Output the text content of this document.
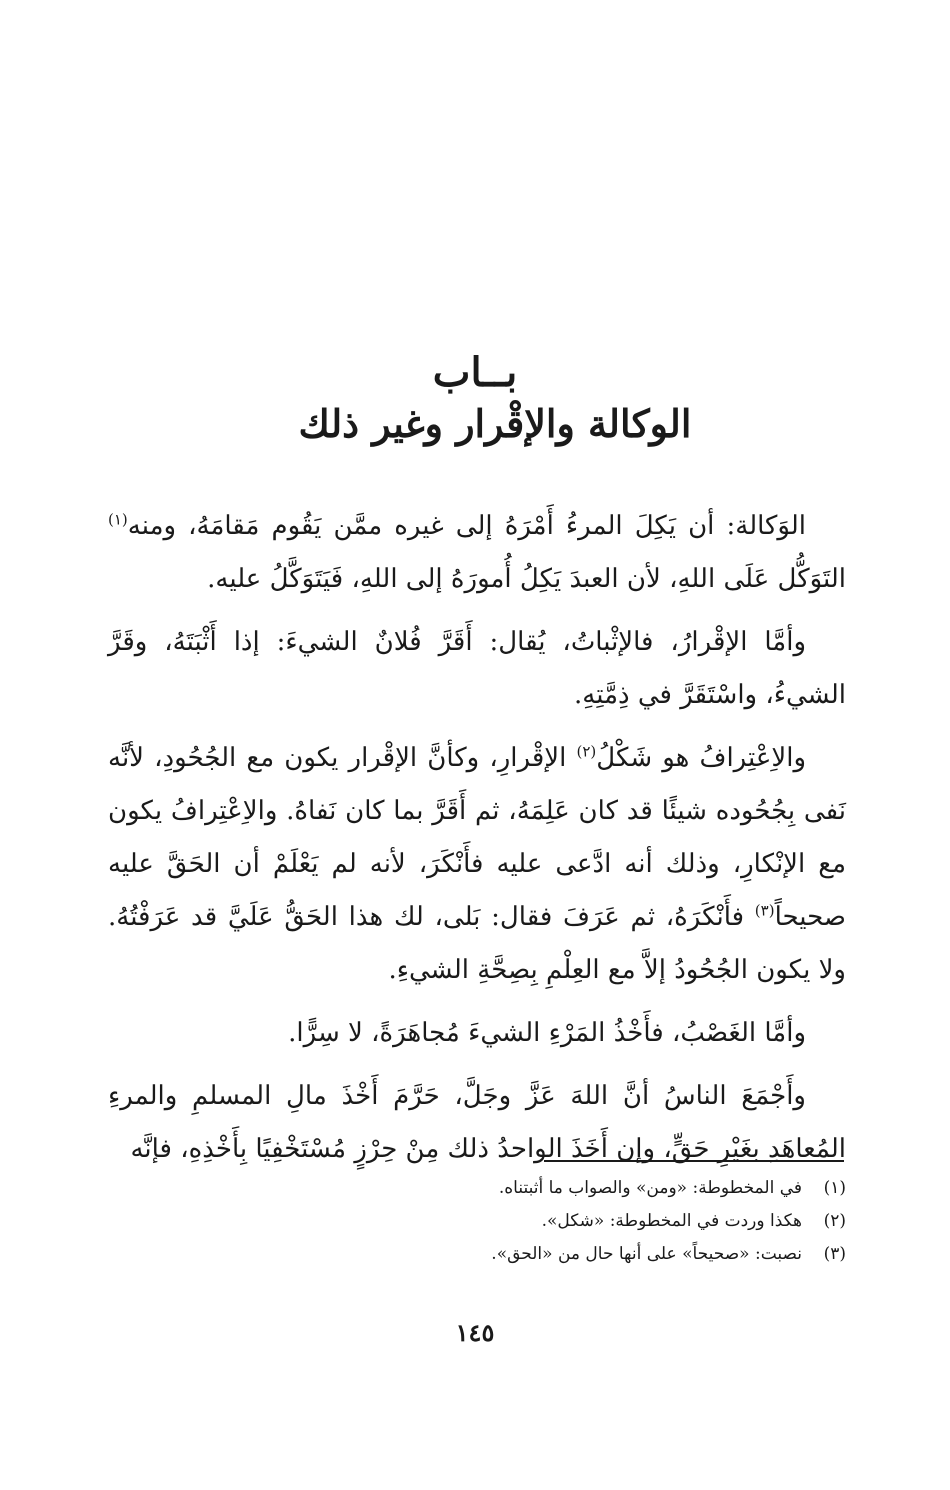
بــاب
الوكالة والإقْرار وغير ذلك

الوَكالة: أن يَكِلَ المرءُ أَمْرَهُ إلى غيره ممَّن يَقُوم مَقامَهُ، ومنه$^{(١)}$ التَوَكُّل عَلَى اللهِ، لأن العبدَ يَكِلُ أُمورَهُ إلى اللهِ، فَيَتَوَكَّلُ عليه.

وأمَّا الإقْرارُ، فالإثْباتُ، يُقال: أَقَرَّ فُلانٌ الشيءَ: إذا أَثْبَتَهُ، وقَرَّ الشيءُ، واسْتَقَرَّ في ذِمَّتِهِ.

والاِعْتِرافُ هو شَكْلُ$^{(٢)}$ الإقْرارِ، وكأنَّ الإقْرار يكون مع الجُحُودِ، لأنَّه نَفى بِجُحُوده شيئًا قد كان عَلِمَهُ، ثم أَقَرَّ بما كان نَفاهُ. والاِعْتِرافُ يكون مع الإنْكارِ، وذلك أنه ادَّعى عليه فأَنْكَرَ، لأنه لم يَعْلَمْ أن الحَقَّ عليه صحيحاً$^{(٣)}$ فأَنْكَرَهُ، ثم عَرَفَ فقال: بَلى، لك هذا الحَقُّ عَلَيَّ قد عَرَفْتُهُ. ولا يكون الجُحُودُ إلاَّ مع العِلْمِ بِصِحَّةِ الشيءِ.

وأمَّا الغَصْبُ، فأَخْذُ المَرْءِ الشيءَ مُجاهَرَةً، لا سِرًّا.

وأَجْمَعَ الناسُ أنَّ اللهَ عَزَّ وجَلَّ، حَرَّمَ أَخْذَ مالِ المسلمِ والمرءِ المُعاهَدِ بغَيْرِ حَقٍّ، وإن أَخَذَ الواحدُ ذلك مِنْ حِرْزٍ مُسْتَخْفِيًا بِأَخْذِهِ، فإنَّه

(١)
في المخطوطة: «ومن» والصواب ما أثبتناه.
(٢)
هكذا وردت في المخطوطة: «شكل».
(٣)
نصبت: «صحيحاً» على أنها حال من «الحق».
١٤٥
